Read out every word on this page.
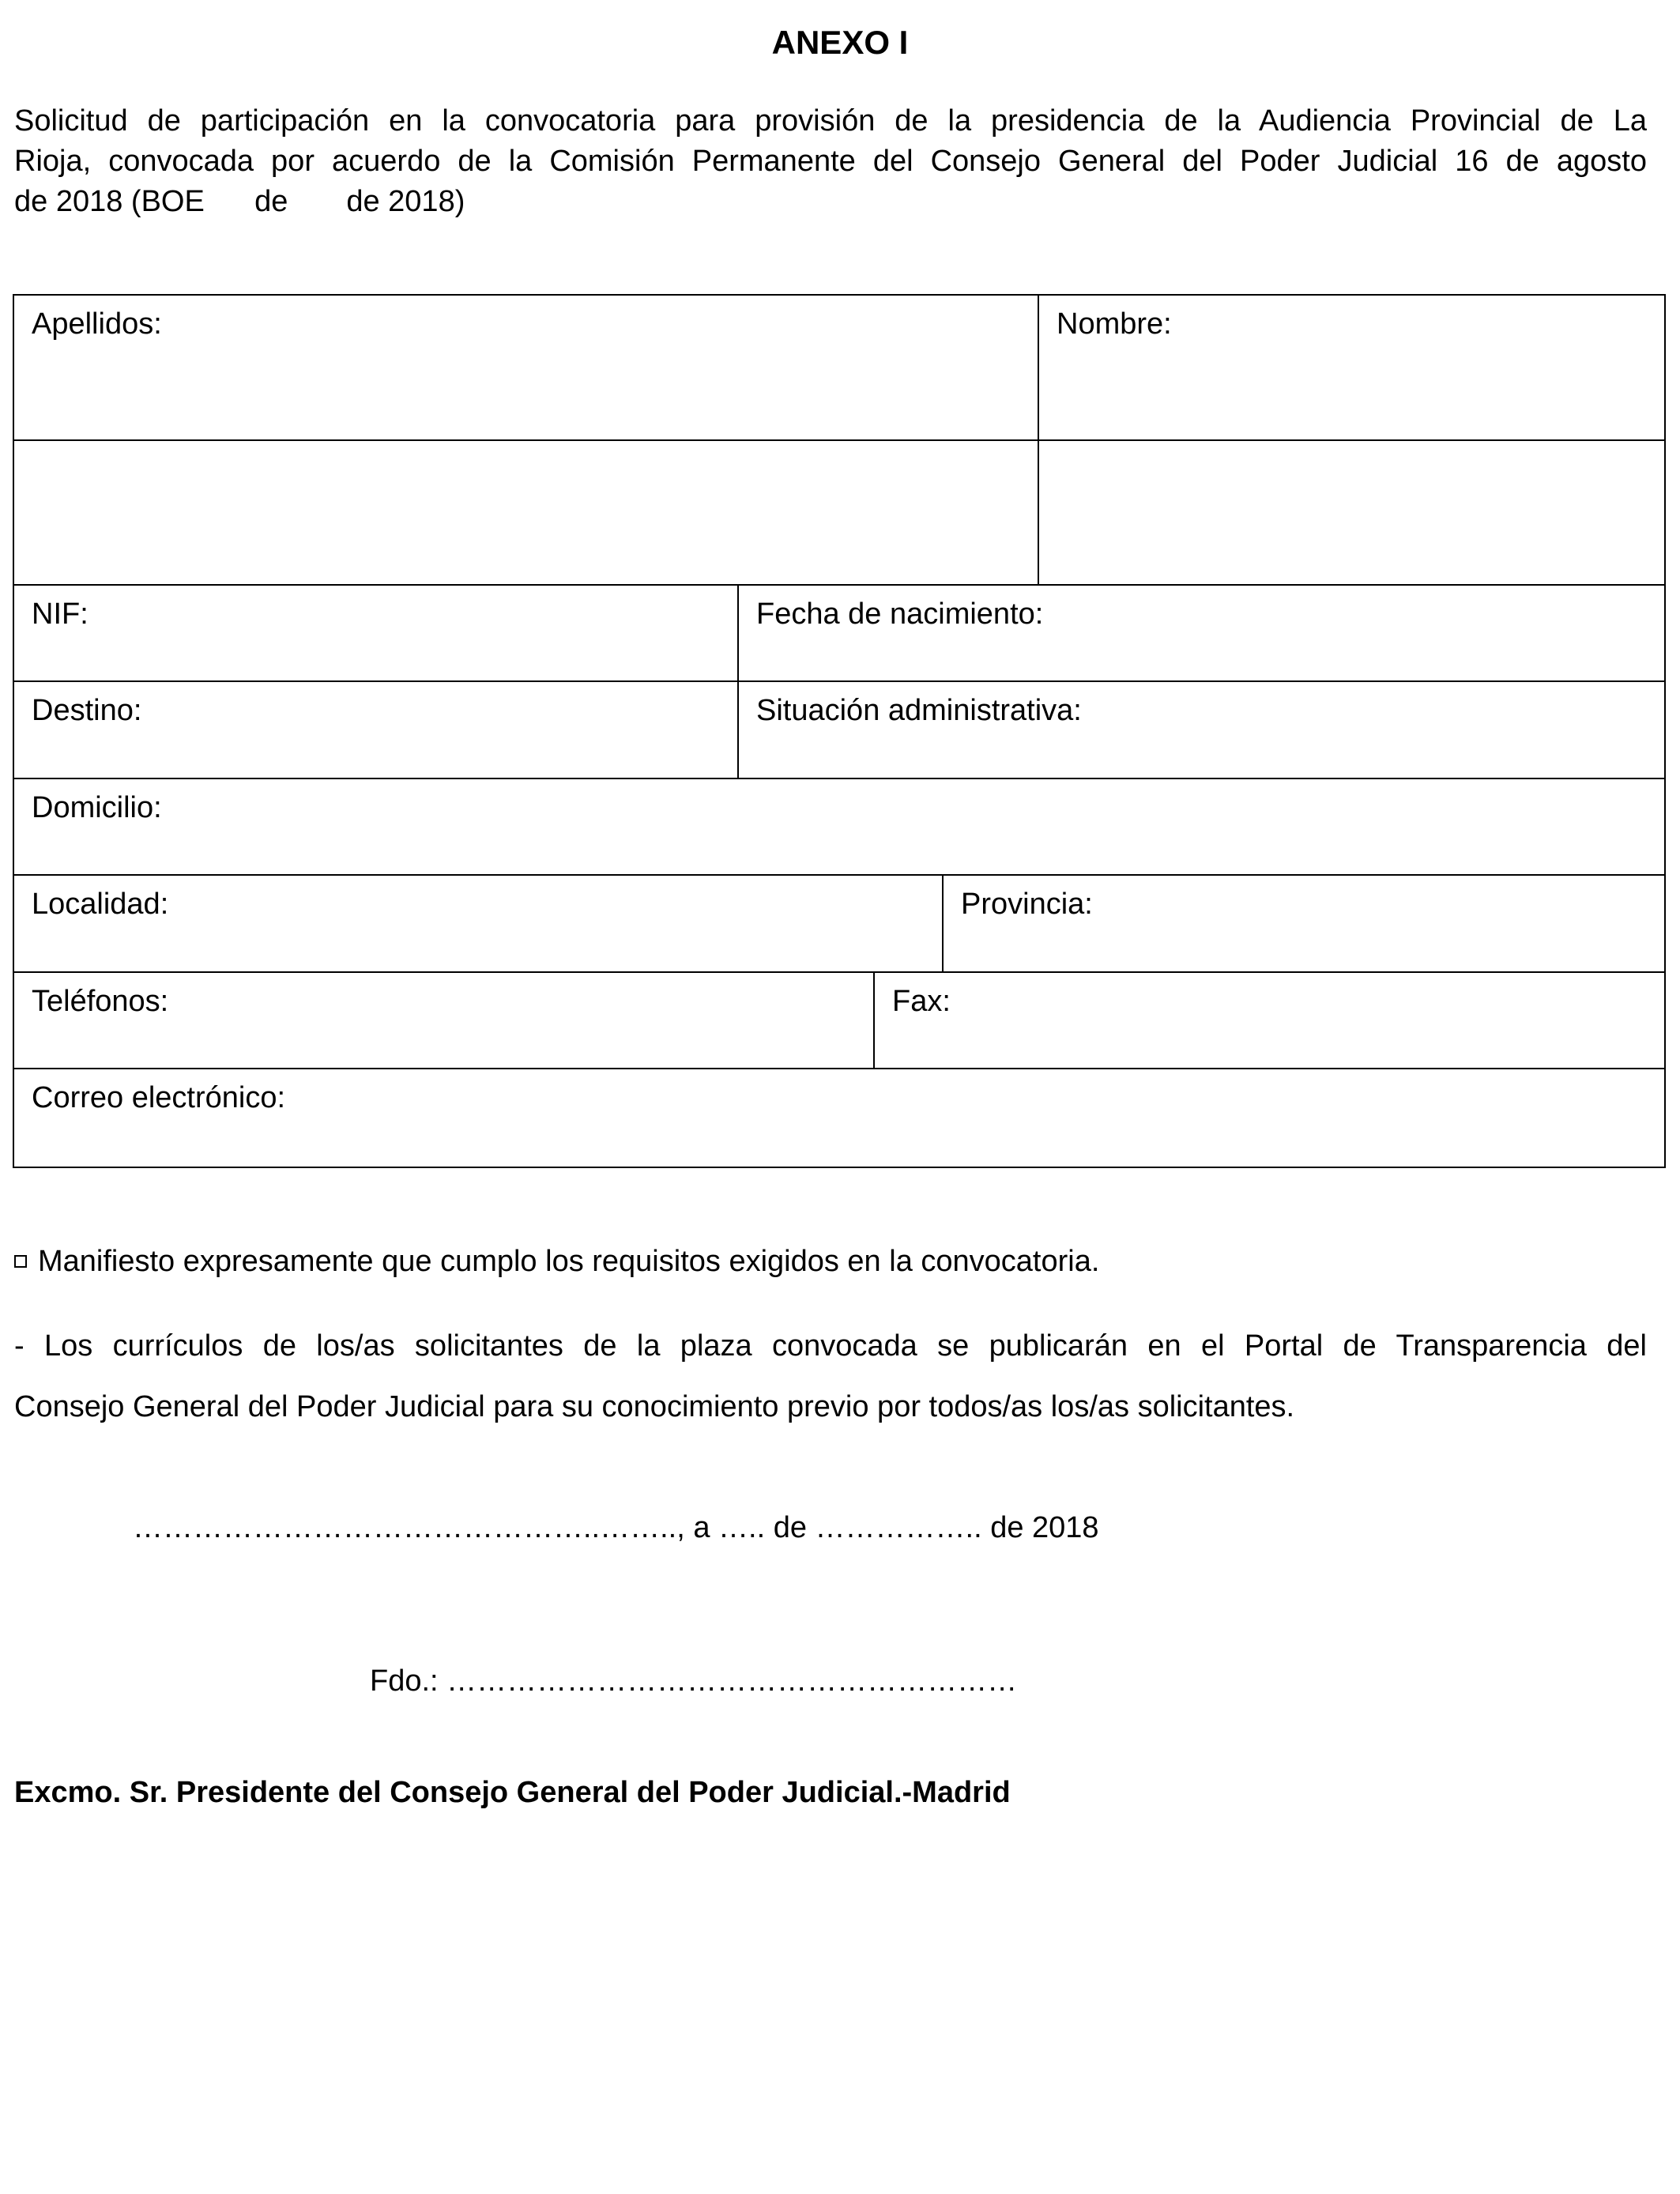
ANEXO I
Solicitud de participación en la convocatoria para provisión de la presidencia de la Audiencia Provincial de La
Rioja, convocada por acuerdo de la Comisión Permanente del Consejo General del Poder Judicial 16 de agosto
de 2018 (BOE      de       de 2018)
Apellidos:	Nombre:
NIF:	Fecha de nacimiento:
Destino:	Situación administrativa:
Domicilio:
Localidad:	Provincia:
Teléfonos:	Fax:
Correo electrónico:
Manifiesto expresamente que cumplo los requisitos exigidos en la convocatoria.
- Los currículos de los/as solicitantes de la plaza convocada se publicarán en el Portal de Transparencia del
Consejo General del Poder Judicial para su conocimiento previo por todos/as los/as solicitantes.
………………………………………..…….., a ….. de …………….. de 2018
Fdo.: …………………………………………………
Excmo. Sr. Presidente del Consejo General del Poder Judicial.-Madrid
